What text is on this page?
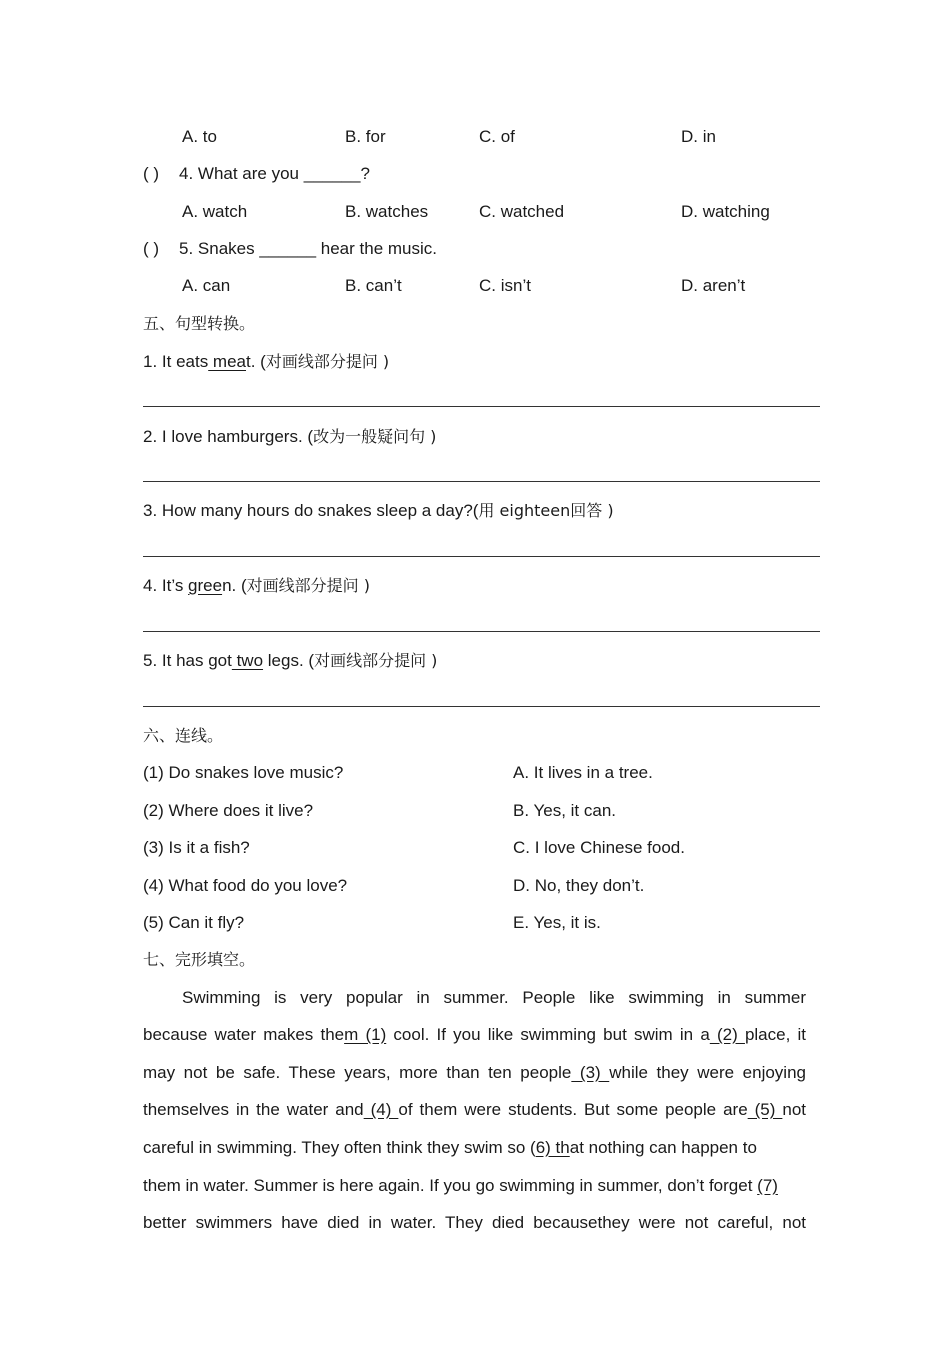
A. to	B. for	C. of	D. in
( ) 4. What are you ______?
A. watch	B. watches	C. watched	D. watching
( ) 5. Snakes ______ hear the music.
A. can	B. can’t	C. isn’t	D. aren’t
五、句型转换。
1. It eats meat. (对画线部分提问 )
2. I love hamburgers. (改为一般疑问句 )
3. How many hours do snakes sleep a day?(用 eighteen回答 )
4. It’s green. (对画线部分提问 )
5. It has got two legs. (对画线部分提问 )
六、连线。
(1) Do snakes love music?	A. It lives in a tree.
(2) Where does it live?	B. Yes, it can.
(3) Is it a fish?	C. I love Chinese food.
(4) What food do you love?	D. No, they don’t.
(5) Can it fly?	E. Yes, it is.
七、完形填空。
Swimming is very popular in summer. People like swimming in summer
because water makes them (1) cool. If you like swimming but swim in a (2) place, it
may not be safe. These years, more than ten people (3) while they were enjoying
themselves in the water and (4) of them were students. But some people are (5) not
careful in swimming. They often think they swim so (6) that nothing can happen to
them in water. Summer is here again. If you go swimming in summer, don’t forget (7)
better swimmers have died in water. They died becausethey were not careful, not
